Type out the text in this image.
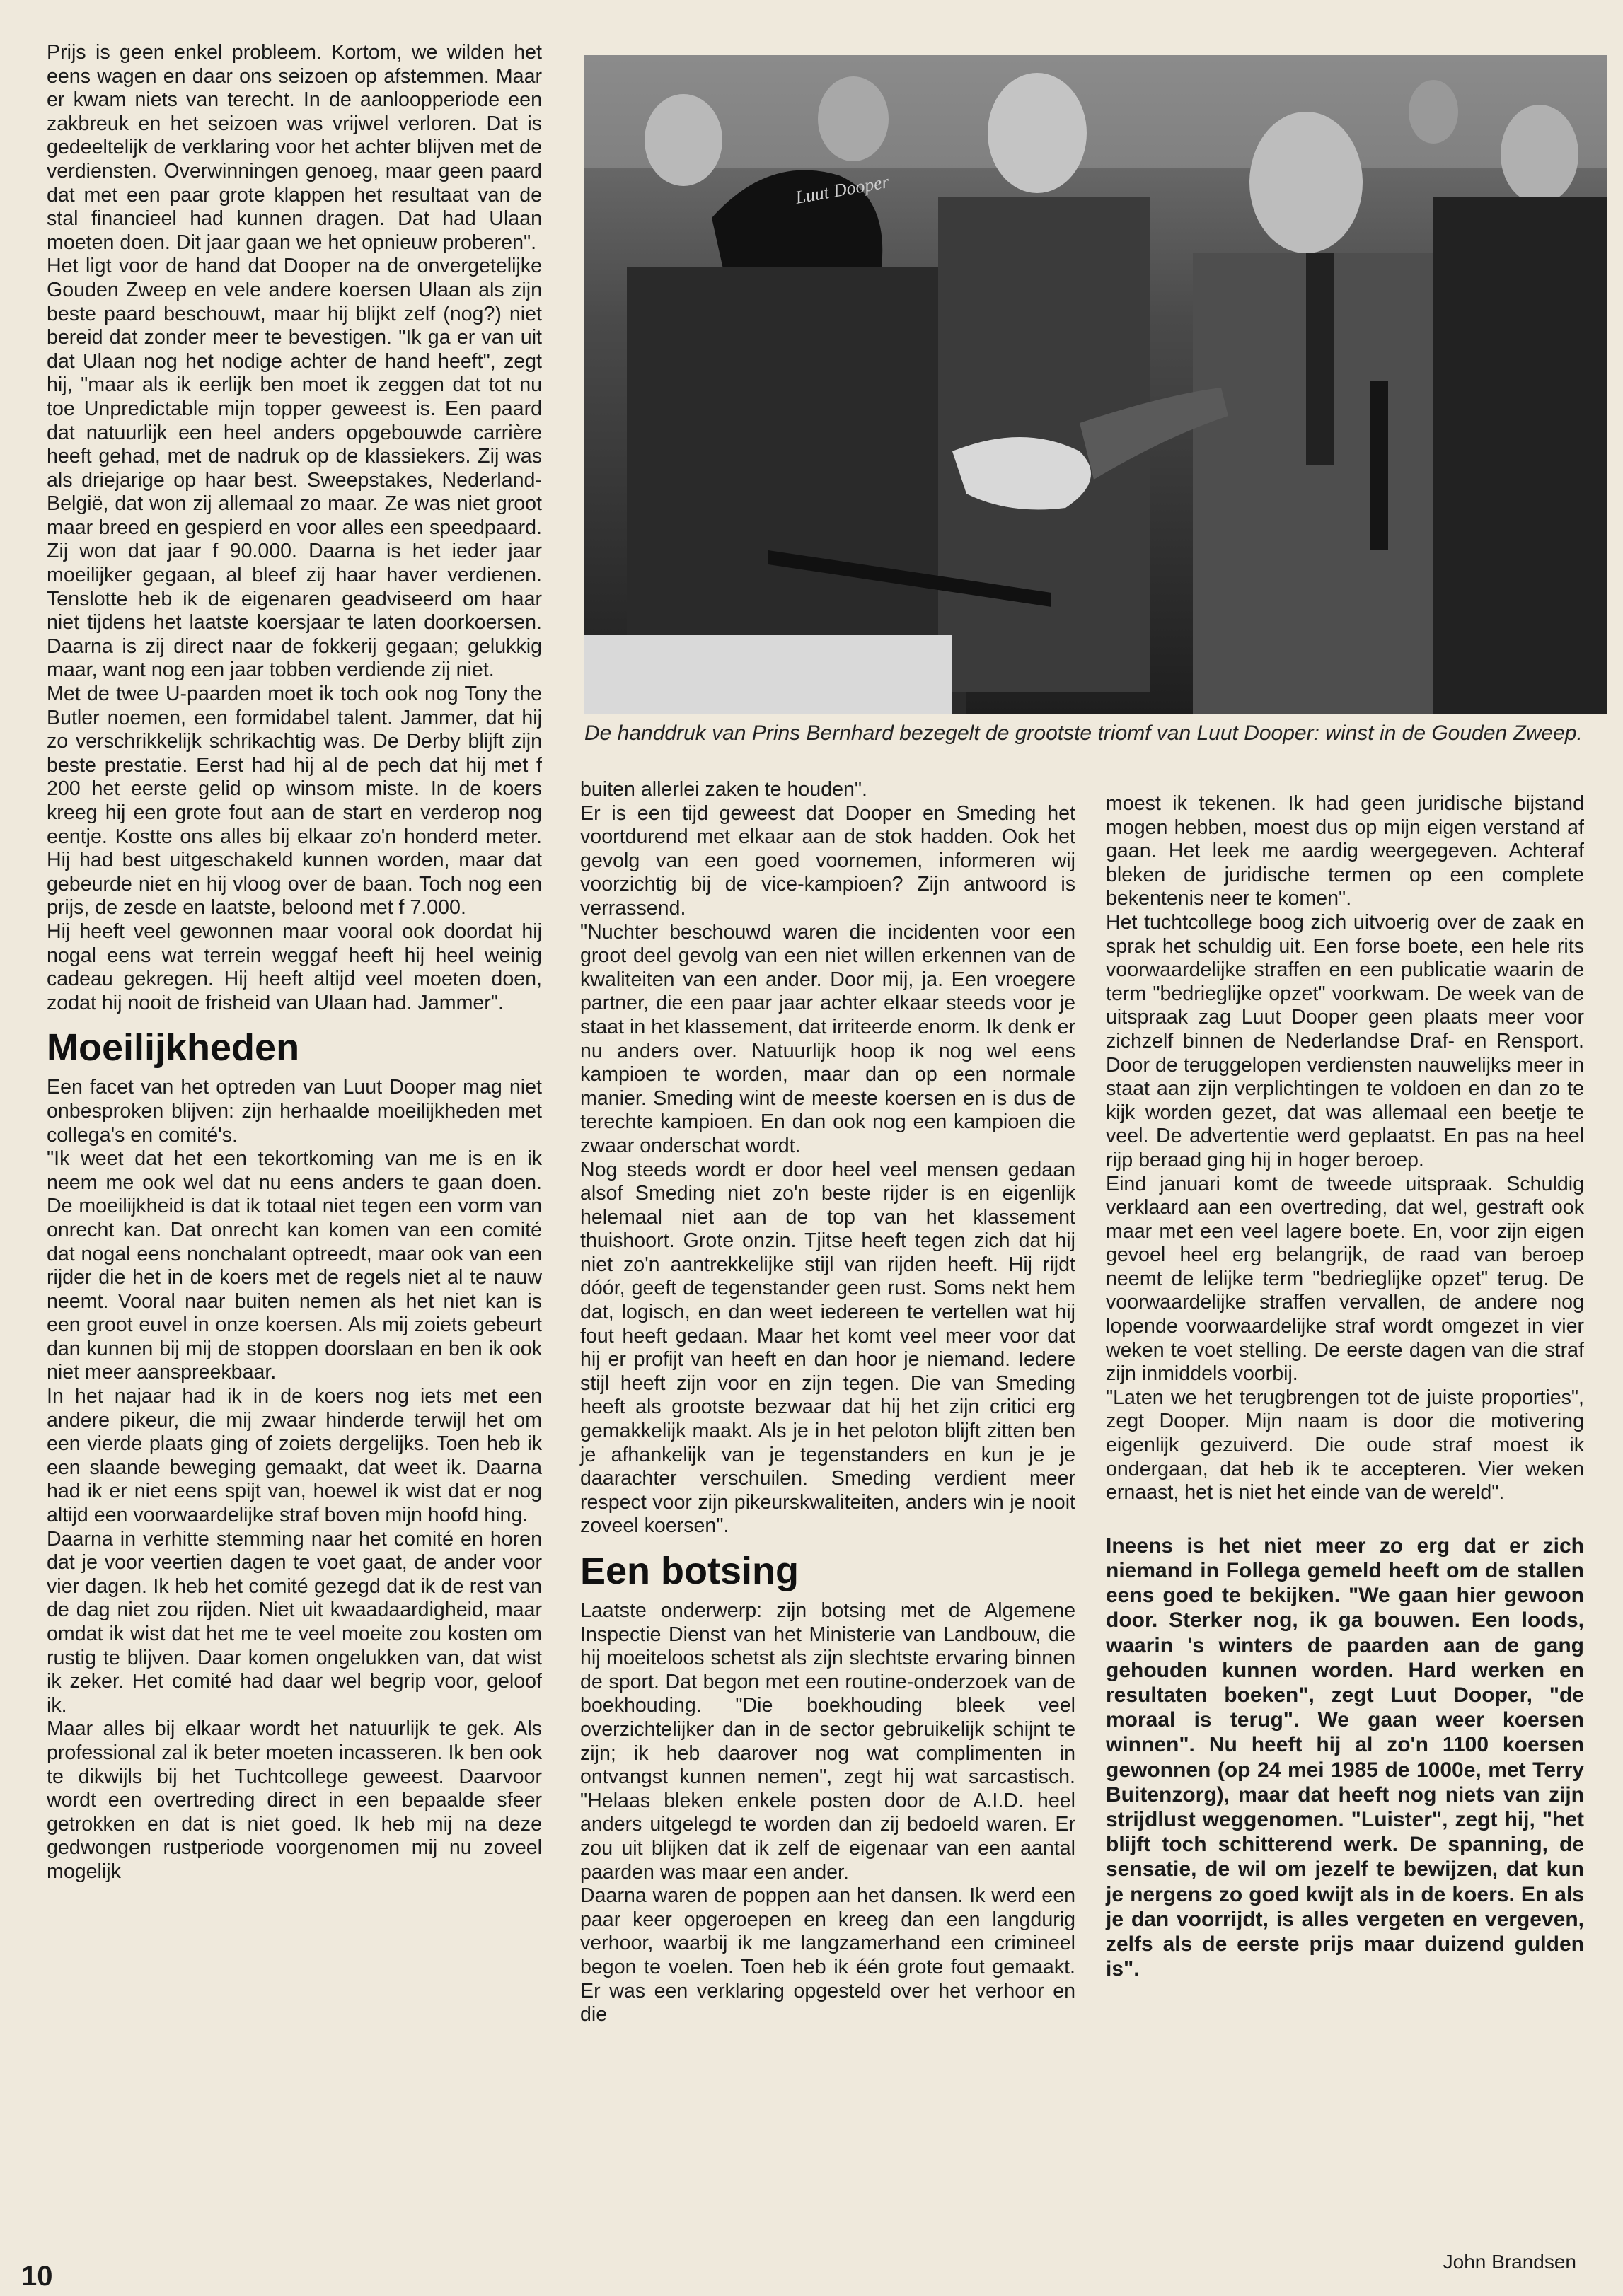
Prijs is geen enkel probleem. Kortom, we wilden het eens wagen en daar ons seizoen op afstemmen. Maar er kwam niets van terecht. In de aanloopperiode een zakbreuk en het seizoen was vrijwel verloren. Dat is gedeeltelijk de verklaring voor het achter blijven met de verdiensten. Overwinningen genoeg, maar geen paard dat met een paar grote klappen het resultaat van de stal financieel had kunnen dragen. Dat had Ulaan moeten doen. Dit jaar gaan we het opnieuw proberen".

Het ligt voor de hand dat Dooper na de onvergetelijke Gouden Zweep en vele andere koersen Ulaan als zijn beste paard beschouwt, maar hij blijkt zelf (nog?) niet bereid dat zonder meer te bevestigen. "Ik ga er van uit dat Ulaan nog het nodige achter de hand heeft", zegt hij, "maar als ik eerlijk ben moet ik zeggen dat tot nu toe Unpredictable mijn topper geweest is. Een paard dat natuurlijk een heel anders opgebouwde carrière heeft gehad, met de nadruk op de klassiekers. Zij was als driejarige op haar best. Sweepstakes, Nederland-België, dat won zij allemaal zo maar. Ze was niet groot maar breed en gespierd en voor alles een speedpaard. Zij won dat jaar f 90.000. Daarna is het ieder jaar moeilijker gegaan, al bleef zij haar haver verdienen. Tenslotte heb ik de eigenaren geadviseerd om haar niet tijdens het laatste koersjaar te laten doorkoersen. Daarna is zij direct naar de fokkerij gegaan; gelukkig maar, want nog een jaar tobben verdiende zij niet.

Met de twee U-paarden moet ik toch ook nog Tony the Butler noemen, een formidabel talent. Jammer, dat hij zo verschrikkelijk schrikachtig was. De Derby blijft zijn beste prestatie. Eerst had hij al de pech dat hij met f 200 het eerste gelid op winsom miste. In de koers kreeg hij een grote fout aan de start en verderop nog eentje. Kostte ons alles bij elkaar zo'n honderd meter. Hij had best uitgeschakeld kunnen worden, maar dat gebeurde niet en hij vloog over de baan. Toch nog een prijs, de zesde en laatste, beloond met f 7.000.

Hij heeft veel gewonnen maar vooral ook doordat hij nogal eens wat terrein weggaf heeft hij heel weinig cadeau gekregen. Hij heeft altijd veel moeten doen, zodat hij nooit de frisheid van Ulaan had. Jammer".

Moeilijkheden

Een facet van het optreden van Luut Dooper mag niet onbesproken blijven: zijn herhaalde moeilijkheden met collega's en comité's.

"Ik weet dat het een tekortkoming van me is en ik neem me ook wel dat nu eens anders te gaan doen. De moeilijkheid is dat ik totaal niet tegen een vorm van onrecht kan. Dat onrecht kan komen van een comité dat nogal eens nonchalant optreedt, maar ook van een rijder die het in de koers met de regels niet al te nauw neemt. Vooral naar buiten nemen als het niet kan is een groot euvel in onze koersen. Als mij zoiets gebeurt dan kunnen bij mij de stoppen doorslaan en ben ik ook niet meer aanspreekbaar.

In het najaar had ik in de koers nog iets met een andere pikeur, die mij zwaar hinderde terwijl het om een vierde plaats ging of zoiets dergelijks. Toen heb ik een slaande beweging gemaakt, dat weet ik. Daarna had ik er niet eens spijt van, hoewel ik wist dat er nog altijd een voorwaardelijke straf boven mijn hoofd hing.

Daarna in verhitte stemming naar het comité en horen dat je voor veertien dagen te voet gaat, de ander voor vier dagen. Ik heb het comité gezegd dat ik de rest van de dag niet zou rijden. Niet uit kwaadaardigheid, maar omdat ik wist dat het me te veel moeite zou kosten om rustig te blijven. Daar komen ongelukken van, dat wist ik zeker. Het comité had daar wel begrip voor, geloof ik.

Maar alles bij elkaar wordt het natuurlijk te gek. Als professional zal ik beter moeten incasseren. Ik ben ook te dikwijls bij het Tuchtcollege geweest. Daarvoor wordt een overtreding direct in een bepaalde sfeer getrokken en dat is niet goed. Ik heb mij na deze gedwongen rustperiode voorgenomen mij nu zoveel mogelijk

Luut Dooper
De handdruk van Prins Bernhard bezegelt de grootste triomf van Luut Dooper: winst in de Gouden Zweep.

buiten allerlei zaken te houden".

Er is een tijd geweest dat Dooper en Smeding het voortdurend met elkaar aan de stok hadden. Ook het gevolg van een goed voornemen, informeren wij voorzichtig bij de vice-kampioen? Zijn antwoord is verrassend.

"Nuchter beschouwd waren die incidenten voor een groot deel gevolg van een niet willen erkennen van de kwaliteiten van een ander. Door mij, ja. Een vroegere partner, die een paar jaar achter elkaar steeds voor je staat in het klassement, dat irriteerde enorm. Ik denk er nu anders over. Natuurlijk hoop ik nog wel eens kampioen te worden, maar dan op een normale manier. Smeding wint de meeste koersen en is dus de terechte kampioen. En dan ook nog een kampioen die zwaar onderschat wordt.

Nog steeds wordt er door heel veel mensen gedaan alsof Smeding niet zo'n beste rijder is en eigenlijk helemaal niet aan de top van het klassement thuishoort. Grote onzin. Tjitse heeft tegen zich dat hij niet zo'n aantrekkelijke stijl van rijden heeft. Hij rijdt dóór, geeft de tegenstander geen rust. Soms nekt hem dat, logisch, en dan weet iedereen te vertellen wat hij fout heeft gedaan. Maar het komt veel meer voor dat hij er profijt van heeft en dan hoor je niemand. Iedere stijl heeft zijn voor en zijn tegen. Die van Smeding heeft als grootste bezwaar dat hij het zijn critici erg gemakkelijk maakt. Als je in het peloton blijft zitten ben je afhankelijk van je tegenstanders en kun je je daarachter verschuilen. Smeding verdient meer respect voor zijn pikeurskwaliteiten, anders win je nooit zoveel koersen".

Een botsing

Laatste onderwerp: zijn botsing met de Algemene Inspectie Dienst van het Ministerie van Landbouw, die hij moeiteloos schetst als zijn slechtste ervaring binnen de sport. Dat begon met een routine-onderzoek van de boekhouding. "Die boekhouding bleek veel overzichtelijker dan in de sector gebruikelijk schijnt te zijn; ik heb daarover nog wat complimenten in ontvangst kunnen nemen", zegt hij wat sarcastisch. "Helaas bleken enkele posten door de A.I.D. heel anders uitgelegd te worden dan zij bedoeld waren. Er zou uit blijken dat ik zelf de eigenaar van een aantal paarden was maar een ander.

Daarna waren de poppen aan het dansen. Ik werd een paar keer opgeroepen en kreeg dan een langdurig verhoor, waarbij ik me langzamerhand een crimineel begon te voelen. Toen heb ik één grote fout gemaakt. Er was een verklaring opgesteld over het verhoor en die

moest ik tekenen. Ik had geen juridische bijstand mogen hebben, moest dus op mijn eigen verstand af gaan. Het leek me aardig weergegeven. Achteraf bleken de juridische termen op een complete bekentenis neer te komen".

Het tuchtcollege boog zich uitvoerig over de zaak en sprak het schuldig uit. Een forse boete, een hele rits voorwaardelijke straffen en een publicatie waarin de term "bedrieglijke opzet" voorkwam. De week van de uitspraak zag Luut Dooper geen plaats meer voor zichzelf binnen de Nederlandse Draf- en Rensport. Door de teruggelopen verdiensten nauwelijks meer in staat aan zijn verplichtingen te voldoen en dan zo te kijk worden gezet, dat was allemaal een beetje te veel. De advertentie werd geplaatst. En pas na heel rijp beraad ging hij in hoger beroep.

Eind januari komt de tweede uitspraak. Schuldig verklaard aan een overtreding, dat wel, gestraft ook maar met een veel lagere boete. En, voor zijn eigen gevoel heel erg belangrijk, de raad van beroep neemt de lelijke term "bedrieglijke opzet" terug. De voorwaardelijke straffen vervallen, de andere nog lopende voorwaardelijke straf wordt omgezet in vier weken te voet stelling. De eerste dagen van die straf zijn inmiddels voorbij.

"Laten we het terugbrengen tot de juiste proporties", zegt Dooper. Mijn naam is door die motivering eigenlijk gezuiverd. Die oude straf moest ik ondergaan, dat heb ik te accepteren. Vier weken ernaast, het is niet het einde van de wereld".

Ineens is het niet meer zo erg dat er zich niemand in Follega gemeld heeft om de stallen eens goed te bekijken. "We gaan hier gewoon door. Sterker nog, ik ga bouwen. Een loods, waarin 's winters de paarden aan de gang gehouden kunnen worden. Hard werken en resultaten boeken", zegt Luut Dooper, "de moraal is terug". We gaan weer koersen winnen". Nu heeft hij al zo'n 1100 koersen gewonnen (op 24 mei 1985 de 1000e, met Terry Buitenzorg), maar dat heeft nog niets van zijn strijdlust weggenomen. "Luister", zegt hij, "het blijft toch schitterend werk. De spanning, de sensatie, de wil om jezelf te bewijzen, dat kun je nergens zo goed kwijt als in de koers. En als je dan voorrijdt, is alles vergeten en vergeven, zelfs als de eerste prijs maar duizend gulden is".

John Brandsen
10
